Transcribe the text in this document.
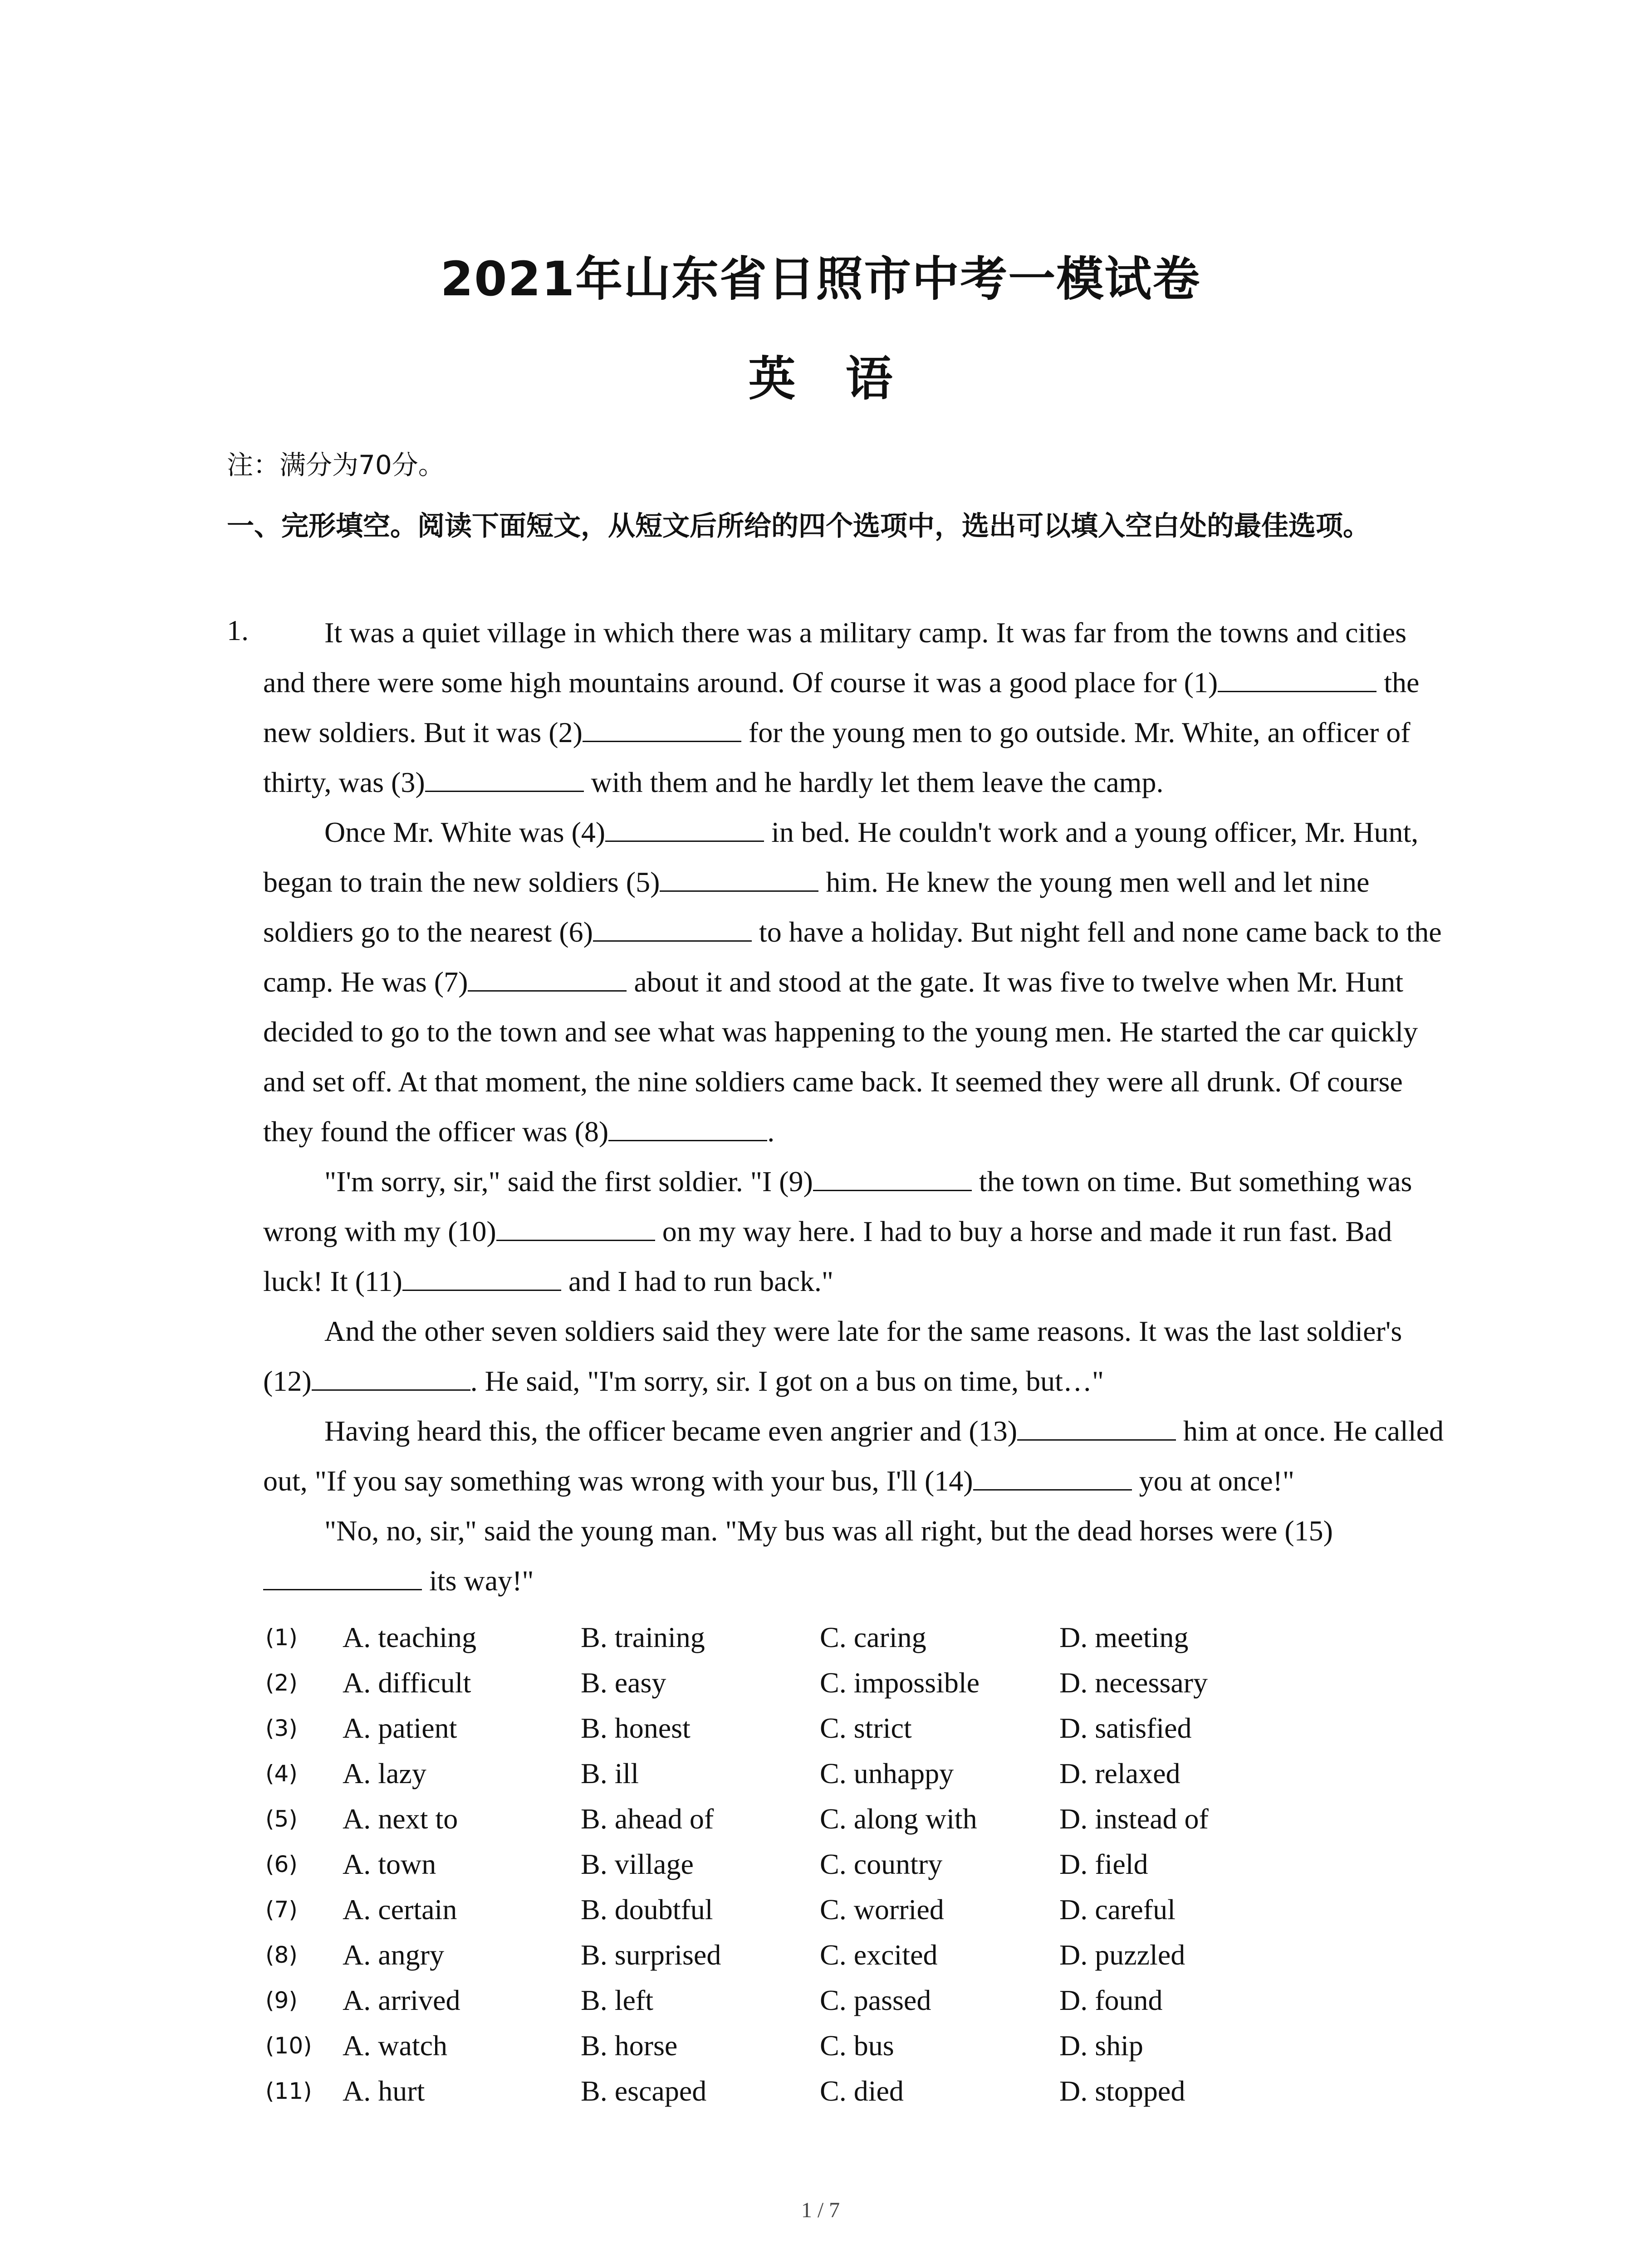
2021年山东省日照市中考一模试卷
英语
注：满分为70分。
一、完形填空。阅读下面短文，从短文后所给的四个选项中，选出可以填入空白处的最佳选项。
1.	It was a quiet village in which there was a military camp. It was far from the towns and cities and there were some high mountains around. Of course it was a good place for (1)	the new soldiers. But it was (2)	for the young men to go outside. Mr. White, an officer of thirty, was (3)	with them and he hardly let them leave the camp.

Once Mr. White was (4)	in bed. He couldn't work and a young officer, Mr. Hunt, began to train the new soldiers (5)	him. He knew the young men well and let nine soldiers go to the nearest (6)	to have a holiday. But night fell and none came back to the camp. He was (7)	about it and stood at the gate. It was five to twelve when Mr. Hunt decided to go to the town and see what was happening to the young men. He started the car quickly and set off. At that moment, the nine soldiers came back. It seemed they were all drunk. Of course they found the officer was (8)	.

"I'm sorry, sir," said the first soldier. "I (9)	the town on time. But something was wrong with my (10)	on my way here. I had to buy a horse and made it run fast. Bad luck! It (11)	and I had to run back."

And the other seven soldiers said they were late for the same reasons. It was the last soldier's (12)	. He said, "I'm sorry, sir. I got on a bus on time, but…"

Having heard this, the officer became even angrier and (13)	him at once. He called out, "If you say something was wrong with your bus, I'll (14)	you at once!"

"No, no, sir," said the young man. "My bus was all right, but the dead horses were (15) its way!"

(1) A. teaching	B. training	C. caring	D. meeting
(2) A. difficult	B. easy	C. impossible	D. necessary
(3) A. patient	B. honest	C. strict	D. satisfied
(4) A. lazy	B. ill	C. unhappy	D. relaxed
(5) A. next to	B. ahead of	C. along with	D. instead of
(6) A. town	B. village	C. country	D. field
(7) A. certain	B. doubtful	C. worried	D. careful
(8) A. angry	B. surprised	C. excited	D. puzzled
(9) A. arrived	B. left	C. passed	D. found
(10) A. watch	B. horse	C. bus	D. ship
(11) A. hurt	B. escaped	C. died	D. stopped
1 / 7
